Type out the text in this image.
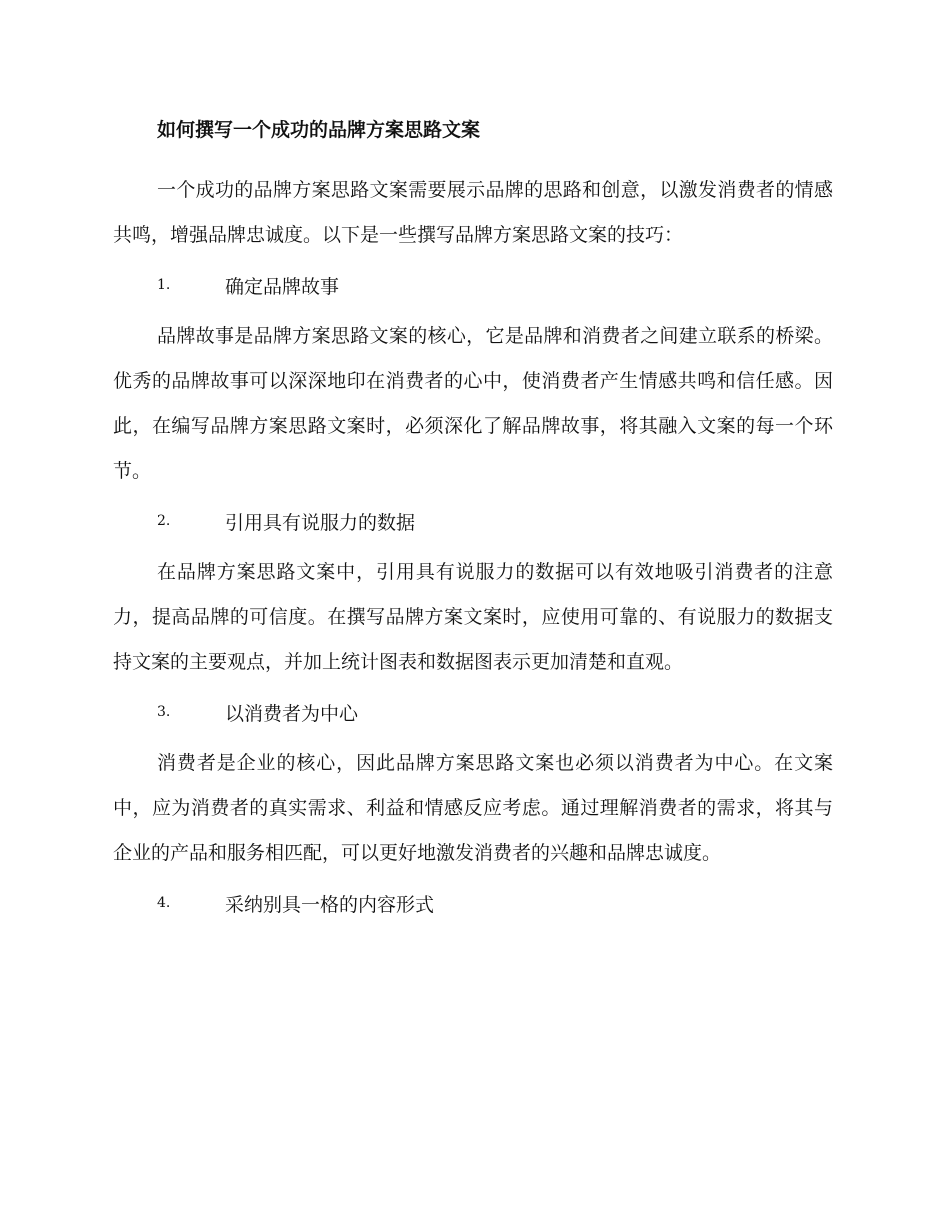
如何撰写一个成功的品牌方案思路文案

一个成功的品牌方案思路文案需要展示品牌的思路和创意，以激发消费者的情感共鸣，增强品牌忠诚度。以下是一些撰写品牌方案思路文案的技巧：

1.	确定品牌故事

品牌故事是品牌方案思路文案的核心，它是品牌和消费者之间建立联系的桥梁。优秀的品牌故事可以深深地印在消费者的心中，使消费者产生情感共鸣和信任感。因此，在编写品牌方案思路文案时，必须深化了解品牌故事，将其融入文案的每一个环节。

2.	引用具有说服力的数据

在品牌方案思路文案中，引用具有说服力的数据可以有效地吸引消费者的注意力，提高品牌的可信度。在撰写品牌方案文案时，应使用可靠的、有说服力的数据支持文案的主要观点，并加上统计图表和数据图表示更加清楚和直观。

3.	以消费者为中心

消费者是企业的核心，因此品牌方案思路文案也必须以消费者为中心。在文案中，应为消费者的真实需求、利益和情感反应考虑。通过理解消费者的需求，将其与企业的产品和服务相匹配，可以更好地激发消费者的兴趣和品牌忠诚度。

4.	采纳别具一格的内容形式
